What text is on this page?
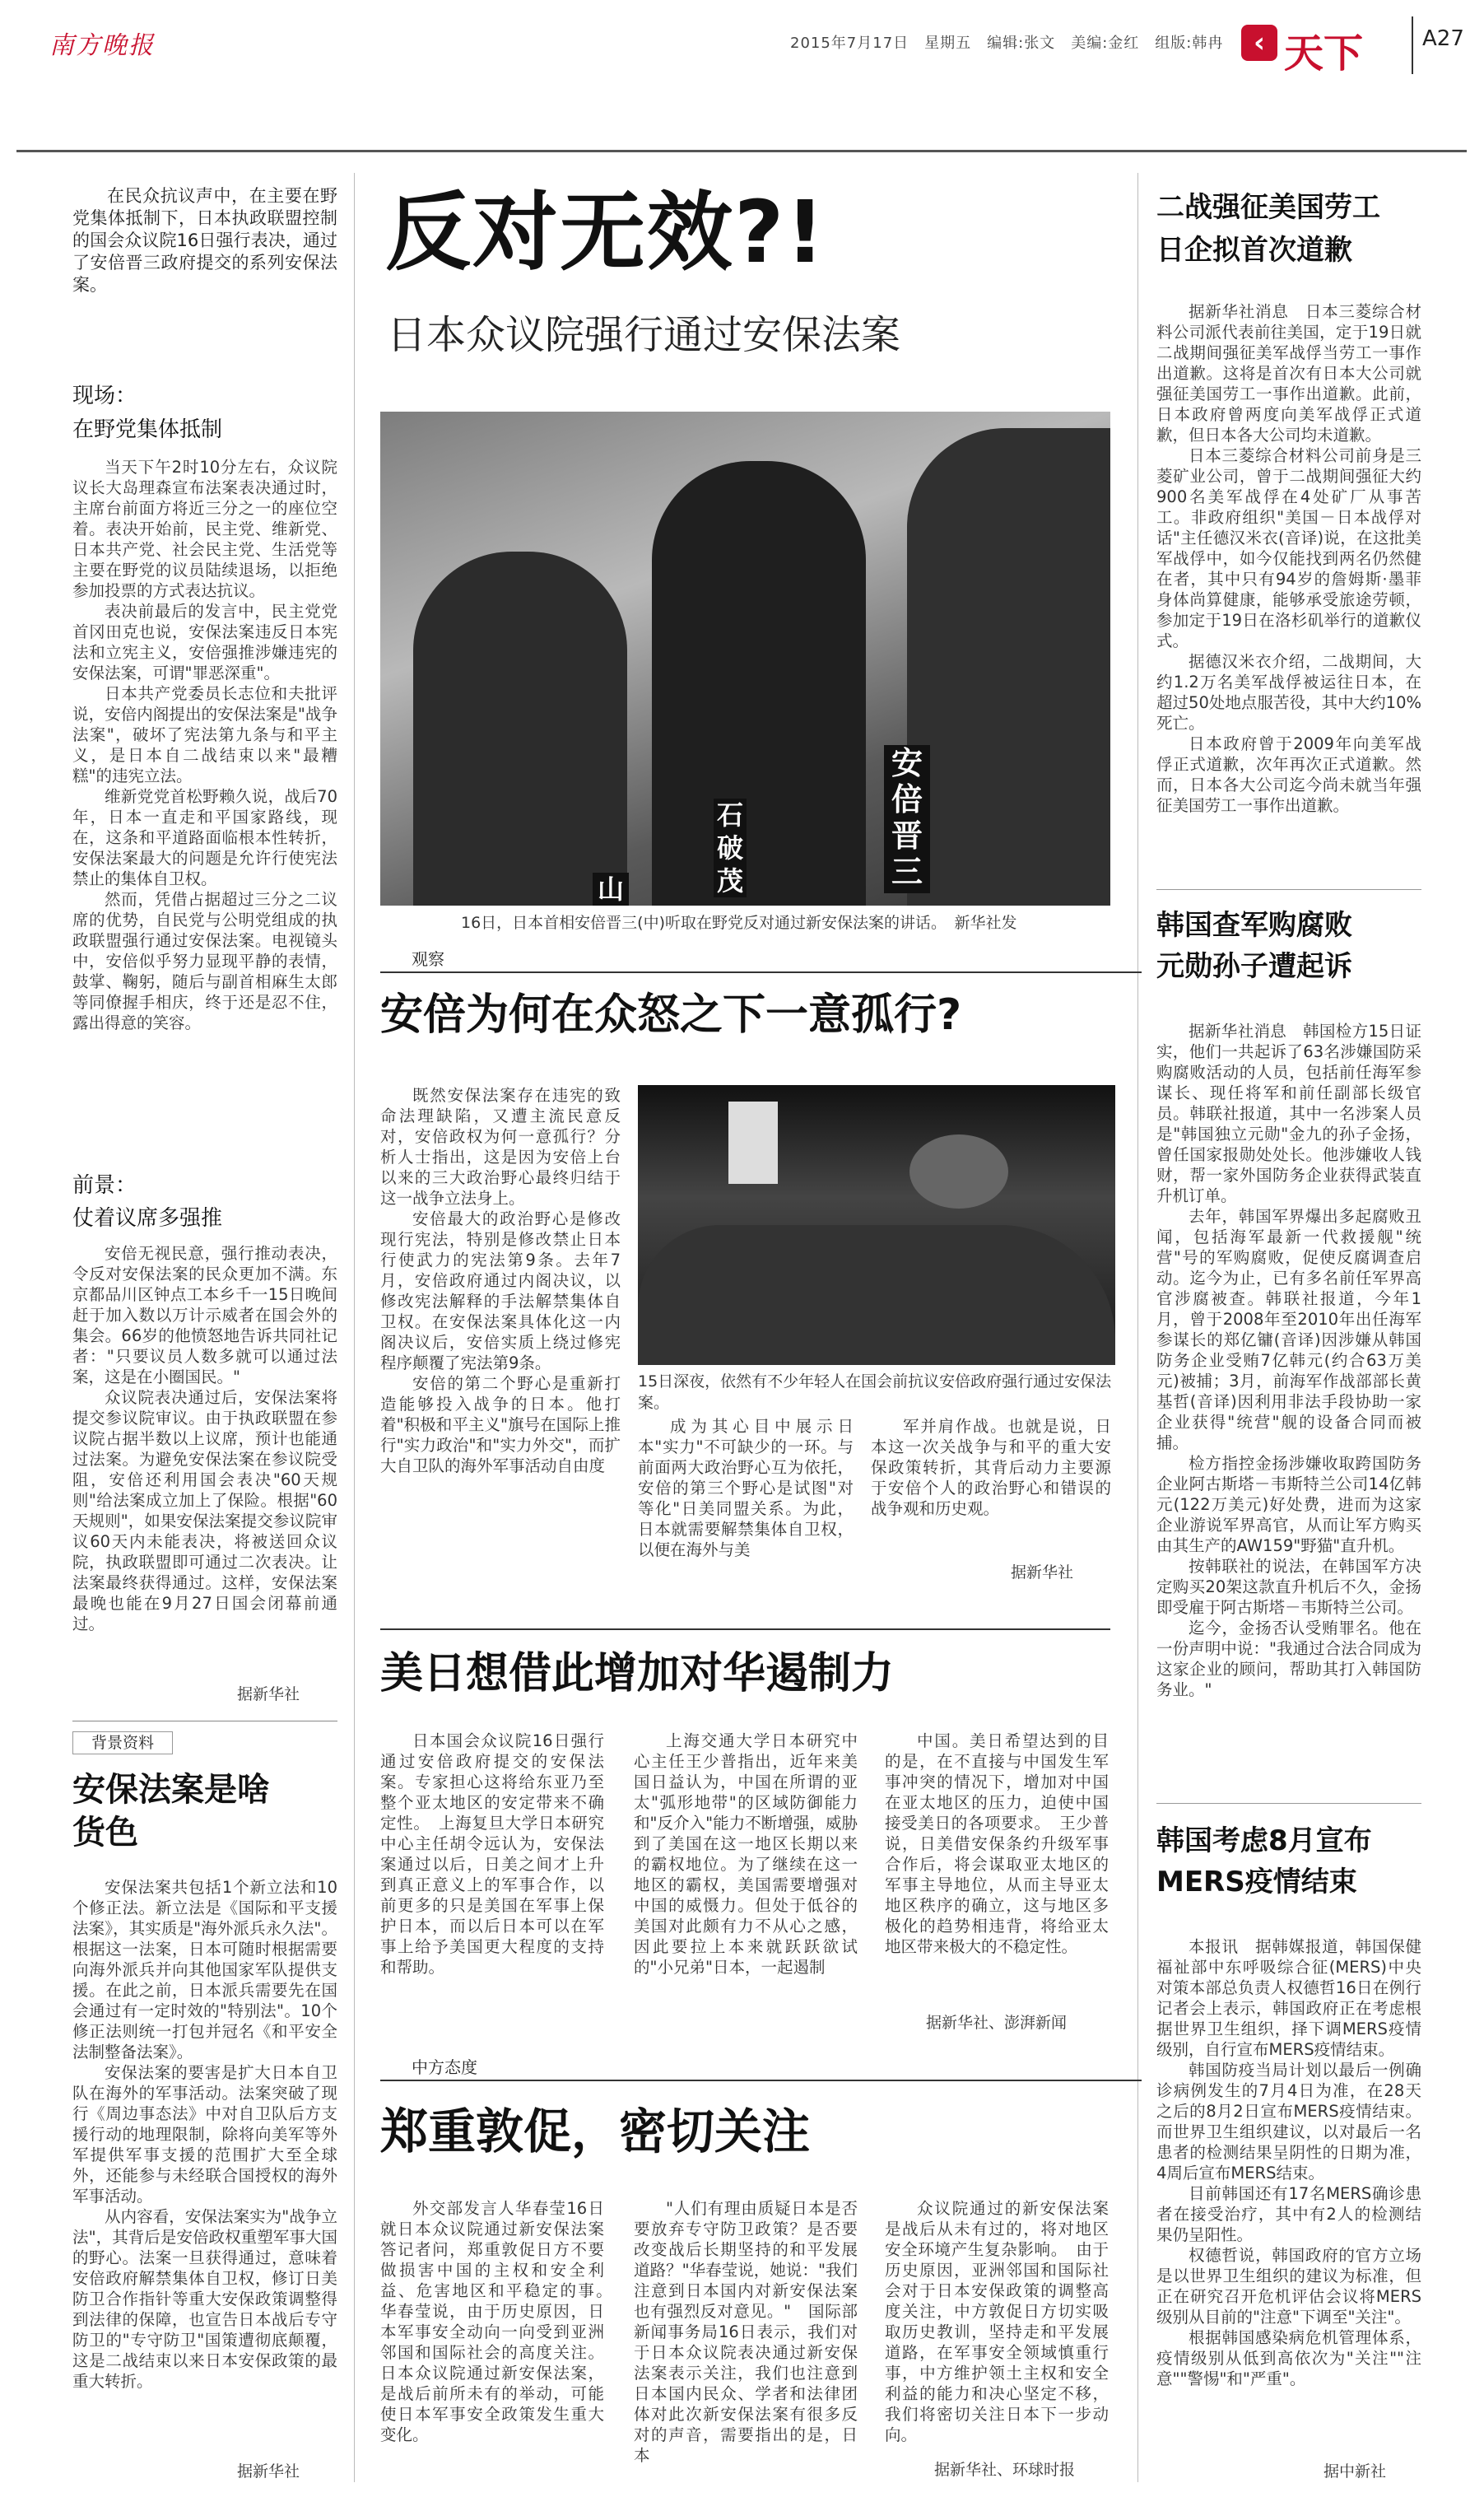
南方晚报	2015年7月17日　星期五　编辑:张文　美编:金红　组版:韩冉	‹ 天下	A27

在民众抗议声中，在主要在野党集体抵制下，日本执政联盟控制的国会众议院16日强行表决，通过了安倍晋三政府提交的系列安保法案。

现场：
在野党集体抵制

当天下午2时10分左右，众议院议长大岛理森宣布法案表决通过时，主席台前面方将近三分之一的座位空着。表决开始前，民主党、维新党、日本共产党、社会民主党、生活党等主要在野党的议员陆续退场，以拒绝参加投票的方式表达抗议。

表决前最后的发言中，民主党党首冈田克也说，安保法案违反日本宪法和立宪主义，安倍强推涉嫌违宪的安保法案，可谓"罪恶深重"。

日本共产党委员长志位和夫批评说，安倍内阁提出的安保法案是"战争法案"，破坏了宪法第九条与和平主义，是日本自二战结束以来"最糟糕"的违宪立法。

维新党党首松野赖久说，战后70年，日本一直走和平国家路线，现在，这条和平道路面临根本性转折，安保法案最大的问题是允许行使宪法禁止的集体自卫权。

然而，凭借占据超过三分之二议席的优势，自民党与公明党组成的执政联盟强行通过安保法案。电视镜头中，安倍似乎努力显现平静的表情，鼓掌、鞠躬，随后与副首相麻生太郎等同僚握手相庆，终于还是忍不住，露出得意的笑容。

前景：
仗着议席多强推

安倍无视民意，强行推动表决，令反对安保法案的民众更加不满。东京都品川区钟点工本乡千一15日晚间赶于加入数以万计示威者在国会外的集会。66岁的他愤怒地告诉共同社记者："只要议员人数多就可以通过法案，这是在小圈国民。"

众议院表决通过后，安保法案将提交参议院审议。由于执政联盟在参议院占据半数以上议席，预计也能通过法案。为避免安保法案在参议院受阻，安倍还利用国会表决"60天规则"给法案成立加上了保险。根据"60天规则"，如果安保法案提交参议院审议60天内未能表决，将被送回众议院，执政联盟即可通过二次表决。让法案最终获得通过。这样，安保法案最晚也能在9月27日国会闭幕前通过。

据新华社
背景资料
安保法案是啥货色

安保法案共包括1个新立法和10个修正法。新立法是《国际和平支援法案》，其实质是"海外派兵永久法"。根据这一法案，日本可随时根据需要向海外派兵并向其他国家军队提供支援。在此之前，日本派兵需要先在国会通过有一定时效的"特别法"。10个修正法则统一打包并冠名《和平安全法制整备法案》。

安保法案的要害是扩大日本自卫队在海外的军事活动。法案突破了现行《周边事态法》中对自卫队后方支援行动的地理限制，除将向美军等外军提供军事支援的范围扩大至全球外，还能参与未经联合国授权的海外军事活动。

从内容看，安保法案实为"战争立法"，其背后是安倍政权重塑军事大国的野心。法案一旦获得通过，意味着安倍政府解禁集体自卫权，修订日美防卫合作指针等重大安保政策调整得到法律的保障，也宣告日本战后专守防卫的"专守防卫"国策遭彻底颠覆，这是二战结束以来日本安保政策的最重大转折。

据新华社
反对无效?!
日本众议院强行通过安保法案
安倍晋三
石破茂
山
16日，日本首相安倍晋三(中)听取在野党反对通过新安保法案的讲话。　新华社发
观察
安倍为何在众怒之下一意孤行?

既然安保法案存在违宪的致命法理缺陷，又遭主流民意反对，安倍政权为何一意孤行？分析人士指出，这是因为安倍上台以来的三大政治野心最终归结于这一战争立法身上。

安倍最大的政治野心是修改现行宪法，特别是修改禁止日本行使武力的宪法第9条。去年7月，安倍政府通过内阁决议，以修改宪法解释的手法解禁集体自卫权。在安保法案具体化这一内阁决议后，安倍实质上绕过修宪程序颠覆了宪法第9条。

安倍的第二个野心是重新打造能够投入战争的日本。他打着"积极和平主义"旗号在国际上推行"实力政治"和"实力外交"，而扩大自卫队的海外军事活动自由度

15日深夜，依然有不少年轻人在国会前抗议安倍政府强行通过安保法案。

成为其心目中展示日本"实力"不可缺少的一环。与前面两大政治野心互为依托，安倍的第三个野心是试图"对等化"日美同盟关系。为此，日本就需要解禁集体自卫权，以便在海外与美

军并肩作战。也就是说，日本这一次关战争与和平的重大安保政策转折，其背后动力主要源于安倍个人的政治野心和错误的战争观和历史观。

据新华社
美日想借此增加对华遏制力

日本国会众议院16日强行通过安倍政府提交的安保法案。专家担心这将给东亚乃至整个亚太地区的安定带来不确定性。　上海复旦大学日本研究中心主任胡令远认为，安保法案通过以后，日美之间才上升到真正意义上的军事合作，以前更多的只是美国在军事上保护日本，而以后日本可以在军事上给予美国更大程度的支持和帮助。

上海交通大学日本研究中心主任王少普指出，近年来美国日益认为，中国在所谓的亚太"弧形地带"的区域防御能力和"反介入"能力不断增强，威胁到了美国在这一地区长期以来的霸权地位。为了继续在这一地区的霸权，美国需要增强对中国的威慑力。但处于低谷的美国对此颇有力不从心之感，因此要拉上本来就跃跃欲试的"小兄弟"日本，一起遏制

中国。美日希望达到的目的是，在不直接与中国发生军事冲突的情况下，增加对中国在亚太地区的压力，迫使中国接受美日的各项要求。　王少普说，日美借安保条约升级军事合作后，将会谋取亚太地区的军事主导地位，从而主导亚太地区秩序的确立，这与地区多极化的趋势相违背，将给亚太地区带来极大的不稳定性。

据新华社、澎湃新闻
中方态度
郑重敦促，密切关注

外交部发言人华春莹16日就日本众议院通过新安保法案答记者问，郑重敦促日方不要做损害中国的主权和安全利益、危害地区和平稳定的事。　华春莹说，由于历史原因，日本军事安全动向一向受到亚洲邻国和国际社会的高度关注。日本众议院通过新安保法案，是战后前所未有的举动，可能使日本军事安全政策发生重大变化。

"人们有理由质疑日本是否要放弃专守防卫政策？是否要改变战后长期坚持的和平发展道路？"华春莹说，她说："我们注意到日本国内对新安保法案也有强烈反对意见。"　国际部新闻事务局16日表示，我们对于日本众议院表决通过新安保法案表示关注，我们也注意到日本国内民众、学者和法律团体对此次新安保法案有很多反对的声音，需要指出的是，日本

众议院通过的新安保法案是战后从未有过的，将对地区安全环境产生复杂影响。　由于历史原因，亚洲邻国和国际社会对于日本安保政策的调整高度关注，中方敦促日方切实吸取历史教训，坚持走和平发展道路，在军事安全领域慎重行事，中方维护领土主权和安全利益的能力和决心坚定不移，我们将密切关注日本下一步动向。

据新华社、环球时报
二战强征美国劳工
日企拟首次道歉

据新华社消息　日本三菱综合材料公司派代表前往美国，定于19日就二战期间强征美军战俘当劳工一事作出道歉。这将是首次有日本大公司就强征美国劳工一事作出道歉。此前，日本政府曾两度向美军战俘正式道歉，但日本各大公司均未道歉。

日本三菱综合材料公司前身是三菱矿业公司，曾于二战期间强征大约900名美军战俘在4处矿厂从事苦工。非政府组织"美国－日本战俘对话"主任德汉米衣(音译)说，在这批美军战俘中，如今仅能找到两名仍然健在者，其中只有94岁的詹姆斯·墨菲身体尚算健康，能够承受旅途劳顿，参加定于19日在洛杉矶举行的道歉仪式。

据德汉米衣介绍，二战期间，大约1.2万名美军战俘被运往日本，在超过50处地点服苦役，其中大约10%死亡。

日本政府曾于2009年向美军战俘正式道歉，次年再次正式道歉。然而，日本各大公司迄今尚未就当年强征美国劳工一事作出道歉。

韩国查军购腐败
元勋孙子遭起诉

据新华社消息　韩国检方15日证实，他们一共起诉了63名涉嫌国防采购腐败活动的人员，包括前任海军参谋长、现任将军和前任副部长级官员。韩联社报道，其中一名涉案人员是"韩国独立元勋"金九的孙子金扬，曾任国家报勋处处长。他涉嫌收人钱财，帮一家外国防务企业获得武装直升机订单。

去年，韩国军界爆出多起腐败丑闻，包括海军最新一代救援舰"统营"号的军购腐败，促使反腐调查启动。迄今为止，已有多名前任军界高官涉腐被查。韩联社报道，今年1月，曾于2008年至2010年出任海军参谋长的郑亿镛(音译)因涉嫌从韩国防务企业受贿7亿韩元(约合63万美元)被捕；3月，前海军作战部部长黄基哲(音译)因利用非法手段协助一家企业获得"统营"舰的设备合同而被捕。

检方指控金扬涉嫌收取跨国防务企业阿古斯塔－韦斯特兰公司14亿韩元(122万美元)好处费，进而为这家企业游说军界高官，从而让军方购买由其生产的AW159"野猫"直升机。

按韩联社的说法，在韩国军方决定购买20架这款直升机后不久，金扬即受雇于阿古斯塔－韦斯特兰公司。

迄今，金扬否认受贿罪名。他在一份声明中说："我通过合法合同成为这家企业的顾问，帮助其打入韩国防务业。"

韩国考虑8月宣布
MERS疫情结束

本报讯　据韩媒报道，韩国保健福祉部中东呼吸综合征(MERS)中央对策本部总负责人权德哲16日在例行记者会上表示，韩国政府正在考虑根据世界卫生组织，择下调MERS疫情级别，自行宣布MERS疫情结束。

韩国防疫当局计划以最后一例确诊病例发生的7月4日为准，在28天之后的8月2日宣布MERS疫情结束。而世界卫生组织建议，以对最后一名患者的检测结果呈阴性的日期为准，4周后宣布MERS结束。

目前韩国还有17名MERS确诊患者在接受治疗，其中有2人的检测结果仍呈阳性。

权德哲说，韩国政府的官方立场是以世界卫生组织的建议为标准，但正在研究召开危机评估会议将MERS级别从目前的"注意"下调至"关注"。

根据韩国感染病危机管理体系，疫情级别从低到高依次为"关注""注意""警惕"和"严重"。

据中新社
